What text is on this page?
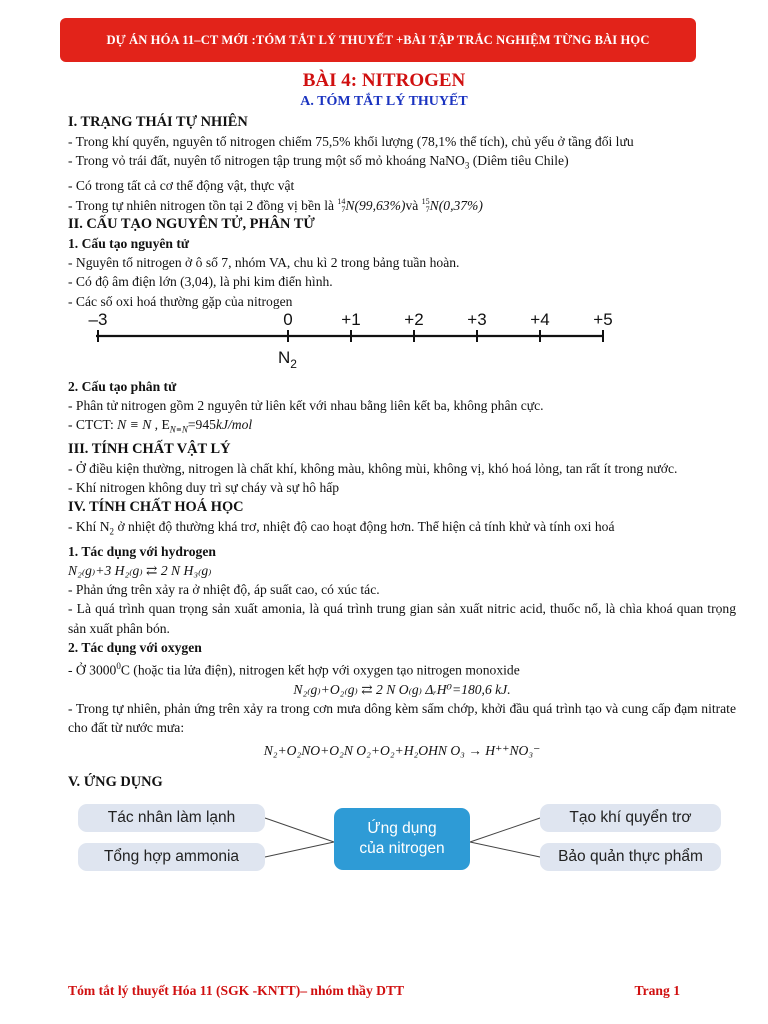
DỰ ÁN HÓA 11–CT MỚI :TÓM TẮT LÝ THUYẾT +BÀI TẬP TRẮC NGHIỆM TỪNG BÀI HỌC
BÀI 4: NITROGEN
A. TÓM TẮT LÝ THUYẾT
I. TRẠNG THÁI TỰ NHIÊN
- Trong khí quyển, nguyên tố nitrogen chiếm 75,5% khối lượng (78,1% thể tích), chủ yếu ở tầng đối lưu
- Trong vỏ trái đất, nuyên tố nitrogen tập trung một số mỏ khoáng NaNO$_3$ (Diêm tiêu Chile)
- Có trong tất cả cơ thể động vật, thực vật
- Trong tự nhiên nitrogen tồn tại 2 đồng vị bền là 14
7N(99,63%)và 15
7N(0,37%)
II. CẤU TẠO NGUYÊN TỬ, PHÂN TỬ
1. Cấu tạo nguyên tử
- Nguyên tố nitrogen ở ô số 7, nhóm VA, chu kì 2 trong bảng tuần hoàn.
- Có độ âm điện lớn (3,04), là phi kim điển hình.
- Các số oxi hoá thường gặp của nitrogen
–3	0	+1	+2	+3	+4	+5
$N_2$
2. Cấu tạo phân tử
- Phân tử nitrogen gồm 2 nguyên tử liên kết với nhau bằng liên kết ba, không phân cực.
- CTCT: N ≡ N , $E_{N\equiv N}=945kJ$/mol
III. TÍNH CHẤT VẬT LÝ
- Ở điều kiện thường, nitrogen là chất khí, không màu, không mùi, không vị, khó hoá lỏng, tan rất ít trong nước.
- Khí nitrogen không duy trì sự cháy và sự hô hấp
IV. TÍNH CHẤT HOÁ HỌC
- Khí $N_2$ ở nhiệt độ thường khá trơ, nhiệt độ cao hoạt động hơn. Thể hiện cả tính khử và tính oxi hoá
1. Tác dụng với hydrogen
N₂₍g₎+3 H₂₍g₎ ⇄ 2 N H₃₍g₎
- Phản ứng trên xảy ra ở nhiệt độ, áp suất cao, có xúc tác.
- Là quá trình quan trọng sản xuất amonia, là quá trình trung gian sản xuất nitric acid, thuốc nổ, là chìa khoá quan trọng sản xuất phân bón.
2. Tác dụng với oxygen
- Ở 3000$^0$C (hoặc tia lửa điện), nitrogen kết hợp với oxygen tạo nitrogen monoxide
N₂₍g₎+O₂₍g₎ ⇄ 2 N O₍g₎ ΔᵣH⁰=180,6 kJ.
- Trong tự nhiên, phản ứng trên xảy ra trong cơn mưa dông kèm sấm chớp, khởi đầu quá trình tạo và cung cấp đạm nitrate cho đất từ nước mưa:
N₂+O₂NO+O₂N O₂+O₂+H₂OHN O₃ → H⁺⁺NO₃⁻
V. ỨNG DỤNG
Tác nhân làm lạnh
Tổng hợp ammonia
Ứng dụng
của nitrogen
Tạo khí quyển trơ
Bảo quản thực phẩm
Tóm tắt lý thuyết Hóa 11 (SGK -KNTT)– nhóm thầy DTT	Trang 1
